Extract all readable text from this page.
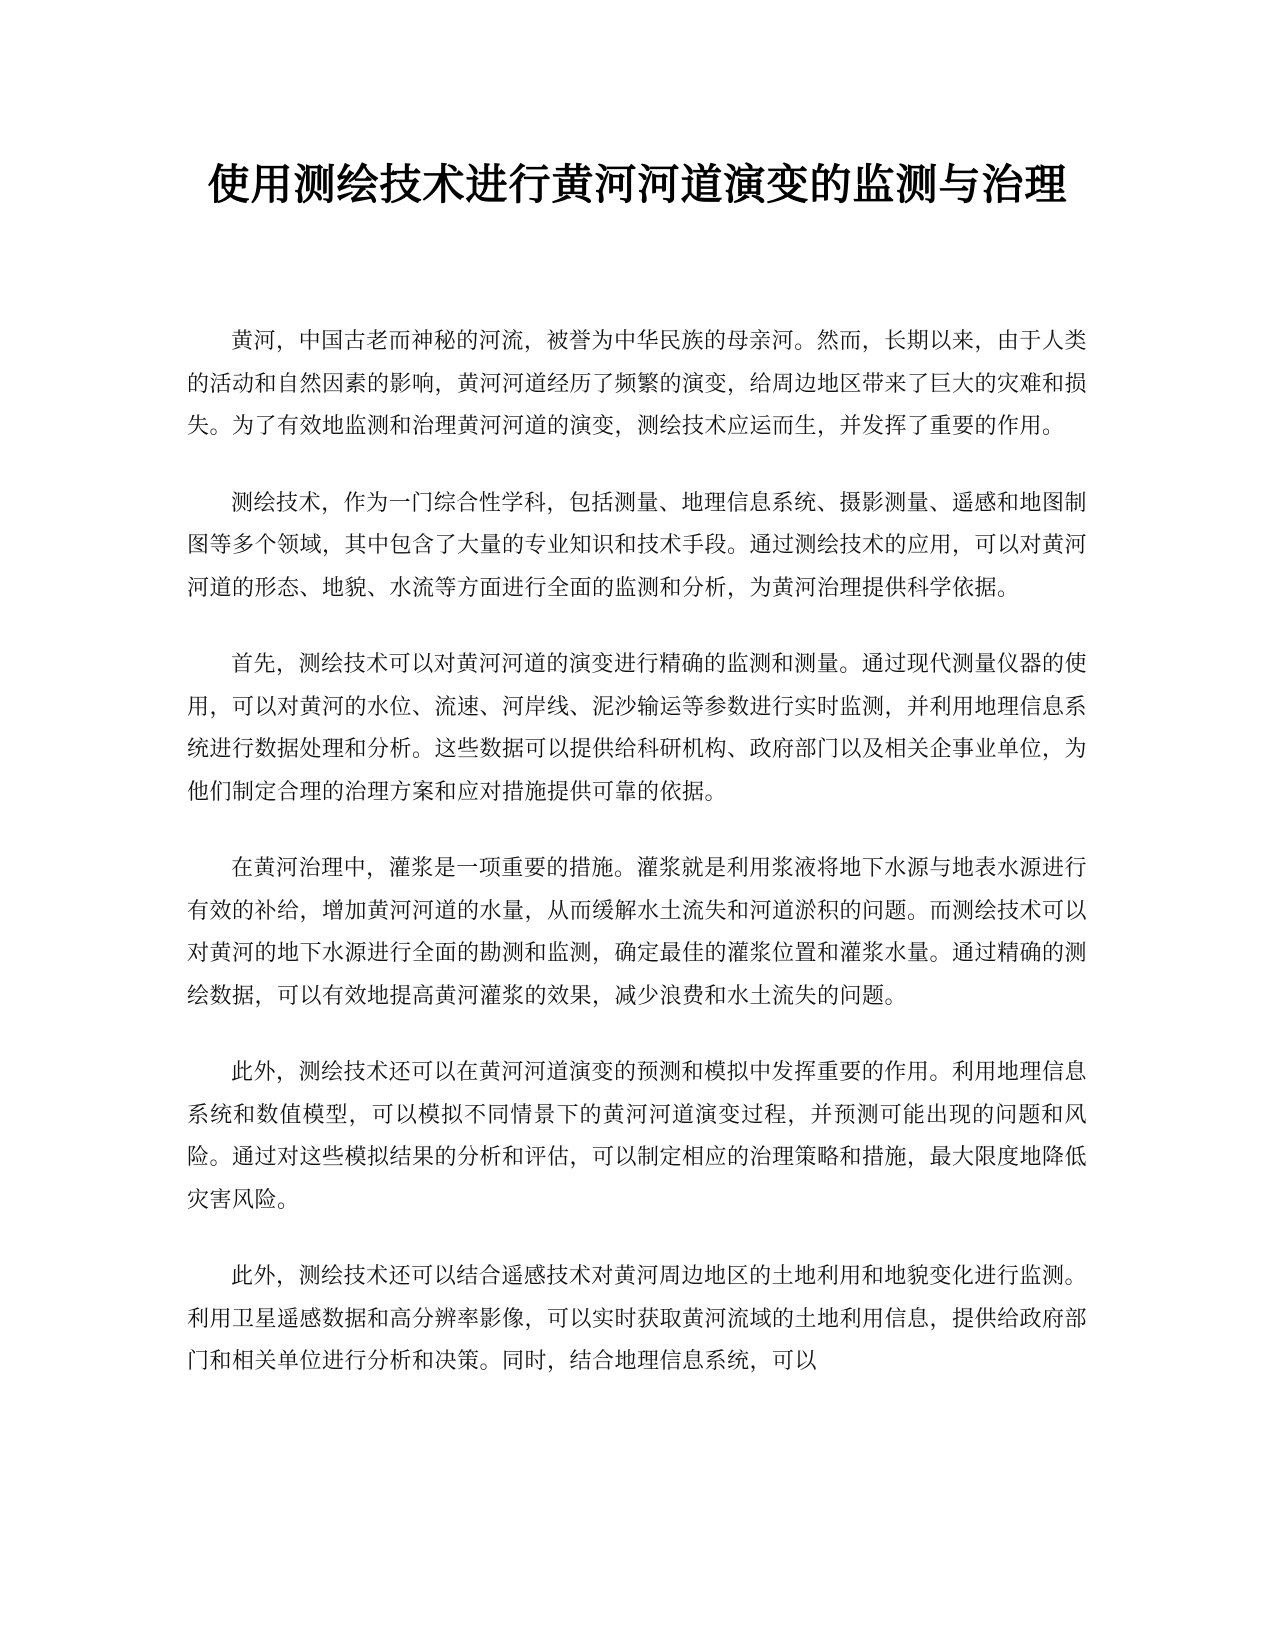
使用测绘技术进行黄河河道演变的监测与治理

黄河，中国古老而神秘的河流，被誉为中华民族的母亲河。然而，长期以来，由于人类的活动和自然因素的影响，黄河河道经历了频繁的演变，给周边地区带来了巨大的灾难和损失。为了有效地监测和治理黄河河道的演变，测绘技术应运而生，并发挥了重要的作用。

测绘技术，作为一门综合性学科，包括测量、地理信息系统、摄影测量、遥感和地图制图等多个领域，其中包含了大量的专业知识和技术手段。通过测绘技术的应用，可以对黄河河道的形态、地貌、水流等方面进行全面的监测和分析，为黄河治理提供科学依据。

首先，测绘技术可以对黄河河道的演变进行精确的监测和测量。通过现代测量仪器的使用，可以对黄河的水位、流速、河岸线、泥沙输运等参数进行实时监测，并利用地理信息系统进行数据处理和分析。这些数据可以提供给科研机构、政府部门以及相关企事业单位，为他们制定合理的治理方案和应对措施提供可靠的依据。

在黄河治理中，灌浆是一项重要的措施。灌浆就是利用浆液将地下水源与地表水源进行有效的补给，增加黄河河道的水量，从而缓解水土流失和河道淤积的问题。而测绘技术可以对黄河的地下水源进行全面的勘测和监测，确定最佳的灌浆位置和灌浆水量。通过精确的测绘数据，可以有效地提高黄河灌浆的效果，减少浪费和水土流失的问题。

此外，测绘技术还可以在黄河河道演变的预测和模拟中发挥重要的作用。利用地理信息系统和数值模型，可以模拟不同情景下的黄河河道演变过程，并预测可能出现的问题和风险。通过对这些模拟结果的分析和评估，可以制定相应的治理策略和措施，最大限度地降低灾害风险。

此外，测绘技术还可以结合遥感技术对黄河周边地区的土地利用和地貌变化进行监测。利用卫星遥感数据和高分辨率影像，可以实时获取黄河流域的土地利用信息，提供给政府部门和相关单位进行分析和决策。同时，结合地理信息系统，可以
